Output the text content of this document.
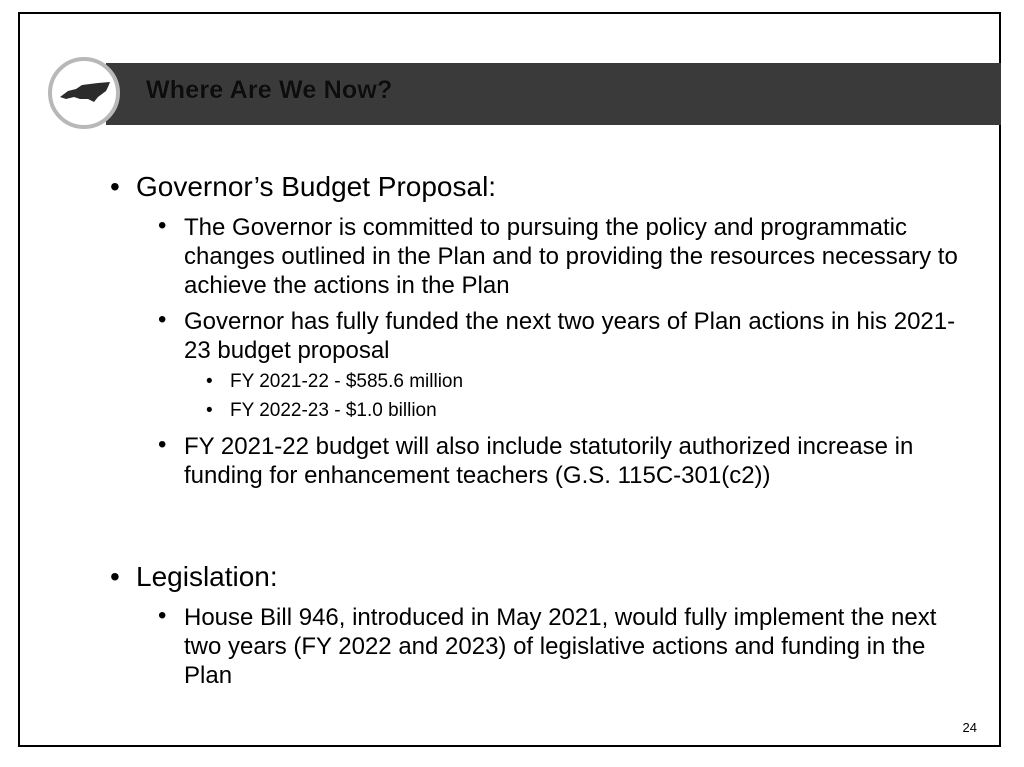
Where Are We Now?
• Governor’s Budget Proposal:
• The Governor is committed to pursuing the policy and programmatic changes outlined in the Plan and to providing the resources necessary to achieve the actions in the Plan
• Governor has fully funded the next two years of Plan actions in his 2021-23 budget proposal
• FY 2021-22 - $585.6 million
• FY 2022-23 - $1.0 billion
• FY 2021-22 budget will also include statutorily authorized increase in funding for enhancement teachers (G.S. 115C-301(c2))
• Legislation:
• House Bill 946, introduced in May 2021, would fully implement the next two years (FY 2022 and 2023) of legislative actions and funding in the Plan
24
